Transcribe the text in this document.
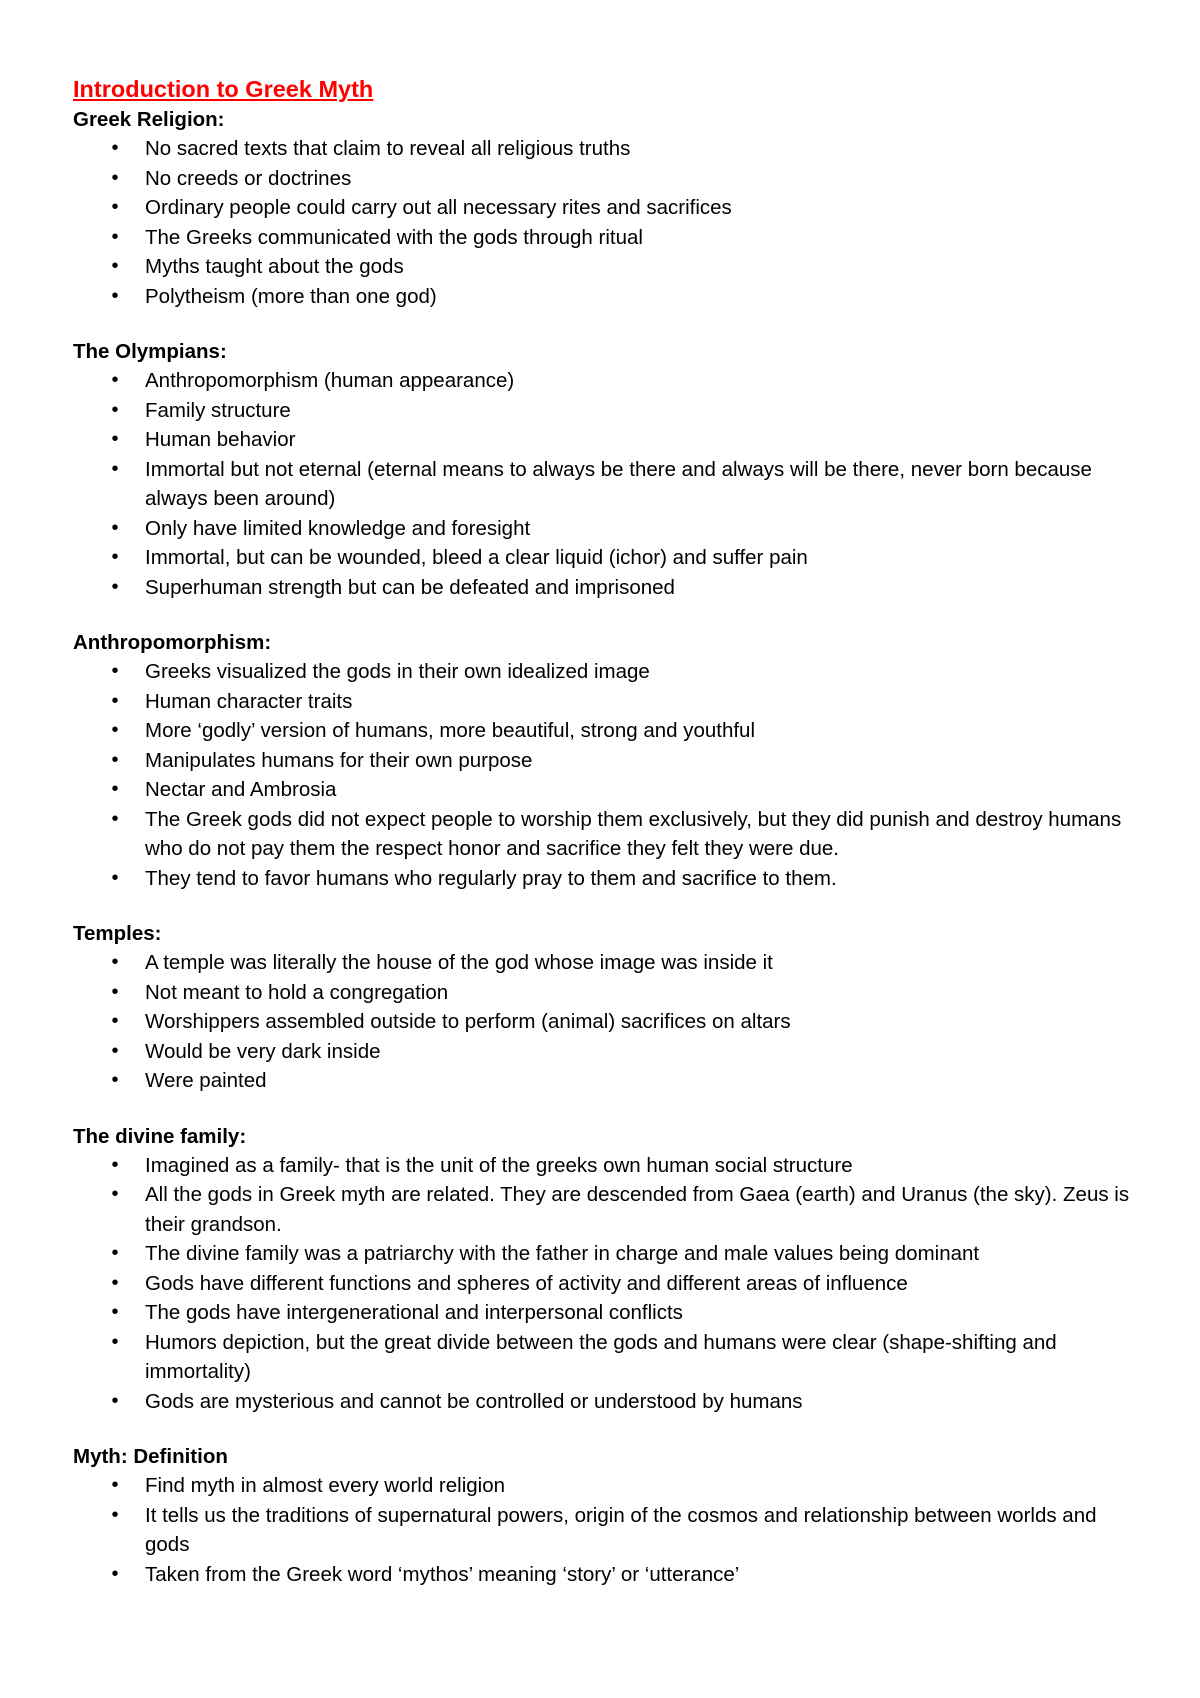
Introduction to Greek Myth

Greek Religion:

• No sacred texts that claim to reveal all religious truths
• No creeds or doctrines
• Ordinary people could carry out all necessary rites and sacrifices
• The Greeks communicated with the gods through ritual
• Myths taught about the gods
• Polytheism (more than one god)

The Olympians:

• Anthropomorphism (human appearance)
• Family structure
• Human behavior
• Immortal but not eternal (eternal means to always be there and always will be there, never born because always been around)
• Only have limited knowledge and foresight
• Immortal, but can be wounded, bleed a clear liquid (ichor) and suffer pain
• Superhuman strength but can be defeated and imprisoned

Anthropomorphism:

• Greeks visualized the gods in their own idealized image
• Human character traits
• More ‘godly’ version of humans, more beautiful, strong and youthful
• Manipulates humans for their own purpose
• Nectar and Ambrosia
• The Greek gods did not expect people to worship them exclusively, but they did punish and destroy humans who do not pay them the respect honor and sacrifice they felt they were due.
• They tend to favor humans who regularly pray to them and sacrifice to them.

Temples:

• A temple was literally the house of the god whose image was inside it
• Not meant to hold a congregation
• Worshippers assembled outside to perform (animal) sacrifices on altars
• Would be very dark inside
• Were painted

The divine family:

• Imagined as a family- that is the unit of the greeks own human social structure
• All the gods in Greek myth are related. They are descended from Gaea (earth) and Uranus (the sky). Zeus is their grandson.
• The divine family was a patriarchy with the father in charge and male values being dominant
• Gods have different functions and spheres of activity and different areas of influence
• The gods have intergenerational and interpersonal conflicts
• Humors depiction, but the great divide between the gods and humans were clear (shape-shifting and immortality)
• Gods are mysterious and cannot be controlled or understood by humans

Myth: Definition

• Find myth in almost every world religion
• It tells us the traditions of supernatural powers, origin of the cosmos and relationship between worlds and gods
• Taken from the Greek word ‘mythos’ meaning ‘story’ or ‘utterance’
